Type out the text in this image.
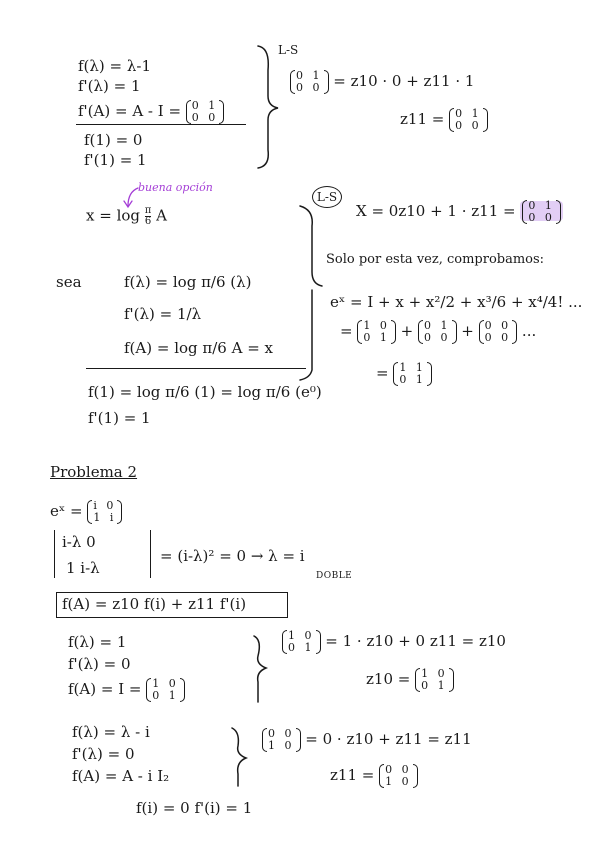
f(λ) = λ-1
f'(λ) = 1
f'(A) = A - I = 0 1
0 0
f(1) = 0
f'(1) = 1
L-S
0 1
0 0 = z10 · 0 + z11 · 1
z11 = 0 1
0 0
buena opción
$x = \log \frac{\pi}{6}$ A
L-S
X = 0z10 + 1 · z11 = 0 1
0 0
sea	f(λ) = log π/6 (λ)
f'(λ) = 1/λ
f(A) = log π/6 A = x
f(1) = log π/6 (1) = log π/6 (e⁰)
f'(1) = 1
Solo por esta vez, comprobamos:
eˣ = I + x + x²/2 + x³/6 + x⁴/4! ...
= 1 0
0 1 + 0 1
0 0 + 0 0
0 0 ...
= 1 1
0 1
Problema 2
eˣ = i 0
1 i
i-λ 0
1 i-λ
= (i-λ)² = 0 → λ = i
DOBLE
f(A) = z10 f(i) + z11 f'(i)
f(λ) = 1
f'(λ) = 0
f(A) = I = 1 0
0 1
1 0
0 1 = 1 · z10 + 0 z11 = z10
z10 = 1 0
0 1
f(λ) = λ - i
f'(λ) = 0
f(A) = A - i I₂
0 0
1 0 = 0 · z10 + z11 = z11
z11 = 0 0
1 0
f(i) = 0 f'(i) = 1
